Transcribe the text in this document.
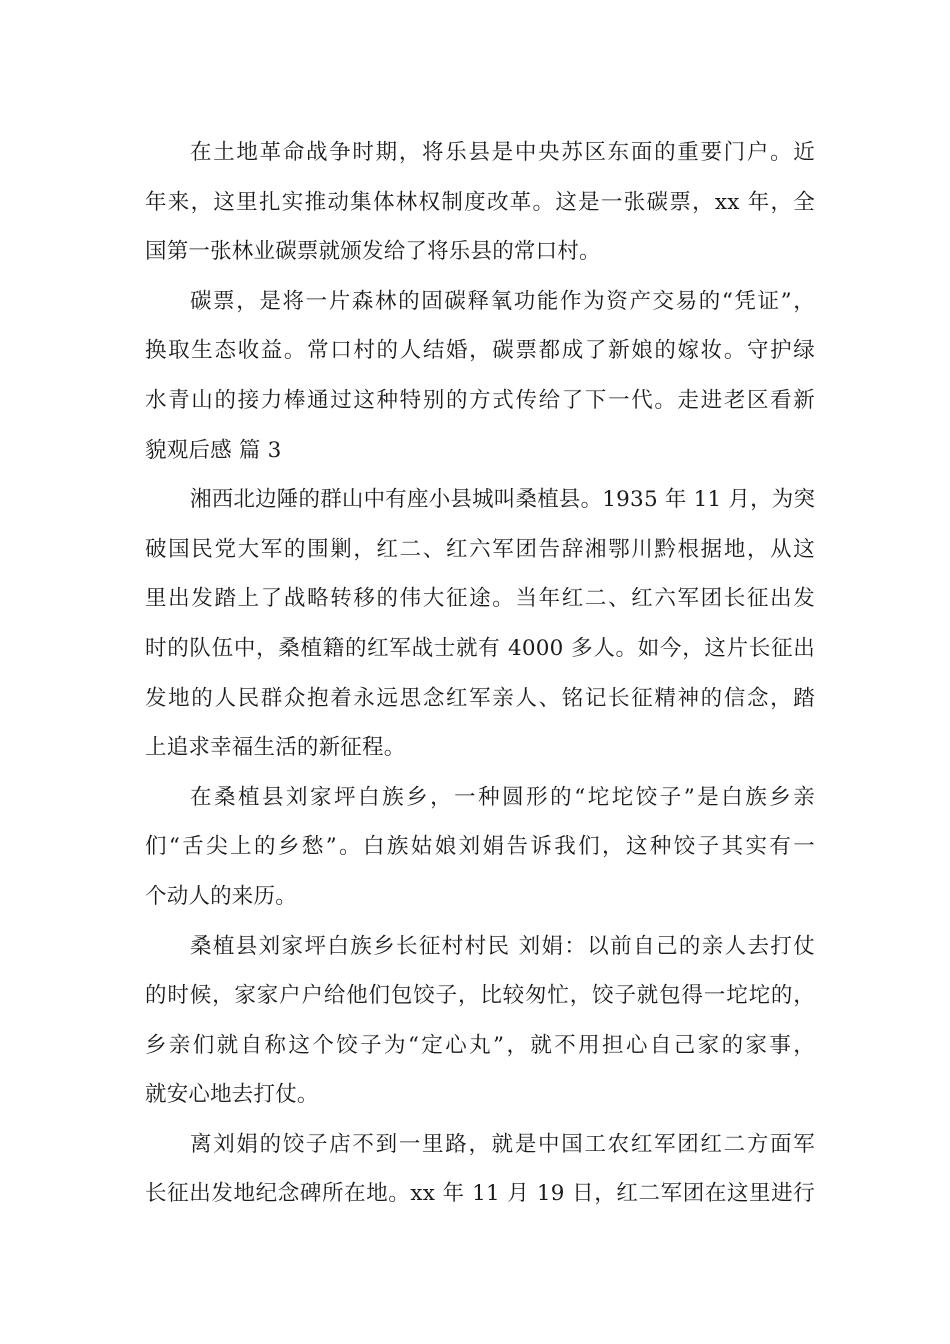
在土地革命战争时期，将乐县是中央苏区东面的重要门户。近
年来，这里扎实推动集体林权制度改革。这是一张碳票，xx 年，全
国第一张林业碳票就颁发给了将乐县的常口村。
碳票，是将一片森林的固碳释氧功能作为资产交易的“凭证”，
换取生态收益。常口村的人结婚，碳票都成了新娘的嫁妆。守护绿
水青山的接力棒通过这种特别的方式传给了下一代。走进老区看新
貌观后感 篇 3
湘西北边陲的群山中有座小县城叫桑植县。1935 年 11 月，为突
破国民党大军的围剿，红二、红六军团告辞湘鄂川黔根据地，从这
里出发踏上了战略转移的伟大征途。当年红二、红六军团长征出发
时的队伍中，桑植籍的红军战士就有 4000 多人。如今，这片长征出
发地的人民群众抱着永远思念红军亲人、铭记长征精神的信念，踏
上追求幸福生活的新征程。
在桑植县刘家坪白族乡，一种圆形的“坨坨饺子”是白族乡亲
们“舌尖上的乡愁”。白族姑娘刘娟告诉我们，这种饺子其实有一
个动人的来历。
桑植县刘家坪白族乡长征村村民 刘娟：以前自己的亲人去打仗
的时候，家家户户给他们包饺子，比较匆忙，饺子就包得一坨坨的，
乡亲们就自称这个饺子为“定心丸”，就不用担心自己家的家事，
就安心地去打仗。
离刘娟的饺子店不到一里路，就是中国工农红军团红二方面军
长征出发地纪念碑所在地。xx 年 11 月 19 日，红二军团在这里进行
